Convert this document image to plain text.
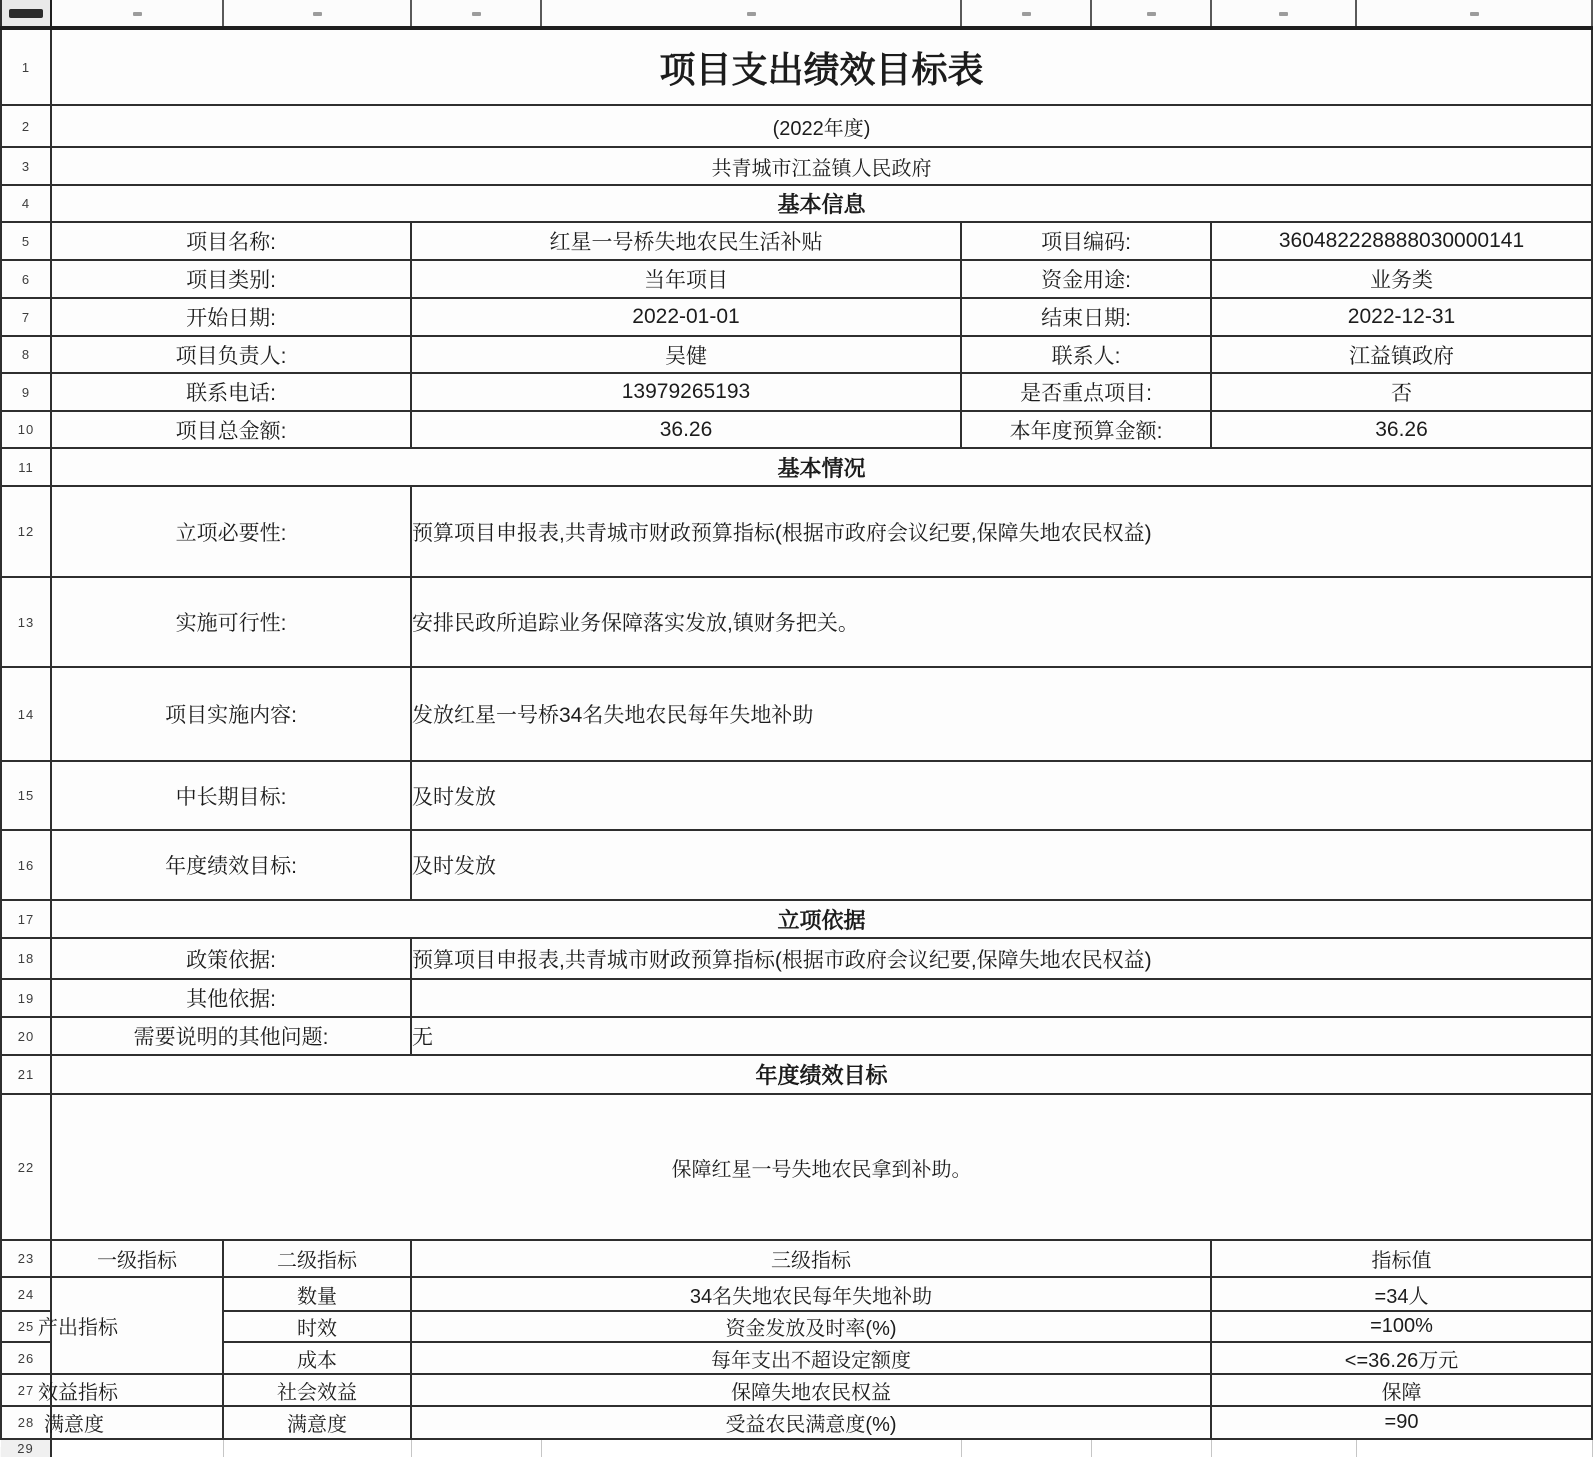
1	项目支出绩效目标表							
2	(2022年度)							
3	共青城市江益镇人民政府							
4	基本信息							
5	项目名称:		红星一号桥失地农民生活补贴		项目编码:		360482228888030000141	
6	项目类别:		当年项目		资金用途:		业务类	
7	开始日期:		2022-01-01		结束日期:		2022-12-31	
8	项目负责人:		吴健		联系人:		江益镇政府	
9	联系电话:		13979265193		是否重点项目:		否	
10	项目总金额:		36.26		本年度预算金额:		36.26	
11	基本情况							
12	立项必要性:		预算项目申报表,共青城市财政预算指标(根据市政府会议纪要,保障失地农民权益)					
13	实施可行性:		安排民政所追踪业务保障落实发放,镇财务把关。					
14	项目实施内容:		发放红星一号桥34名失地农民每年失地补助					
15	中长期目标:		及时发放					
16	年度绩效目标:		及时发放					
17	立项依据							
18	政策依据:		预算项目申报表,共青城市财政预算指标(根据市政府会议纪要,保障失地农民权益)					
19	其他依据:							
20	需要说明的其他问题:		无					
21	年度绩效目标							
22	保障红星一号失地农民拿到补助。							
23	一级指标	二级指标	三级指标				指标值	
24	产出指标	数量	34名失地农民每年失地补助				=34人	
25		时效	资金发放及时率(%)				=100%	
26		成本	每年支出不超设定额度				<=36.26万元	
27	效益指标	社会效益	保障失地农民权益				保障	
28	满意度	满意度	受益农民满意度(%)				=90	
29								
